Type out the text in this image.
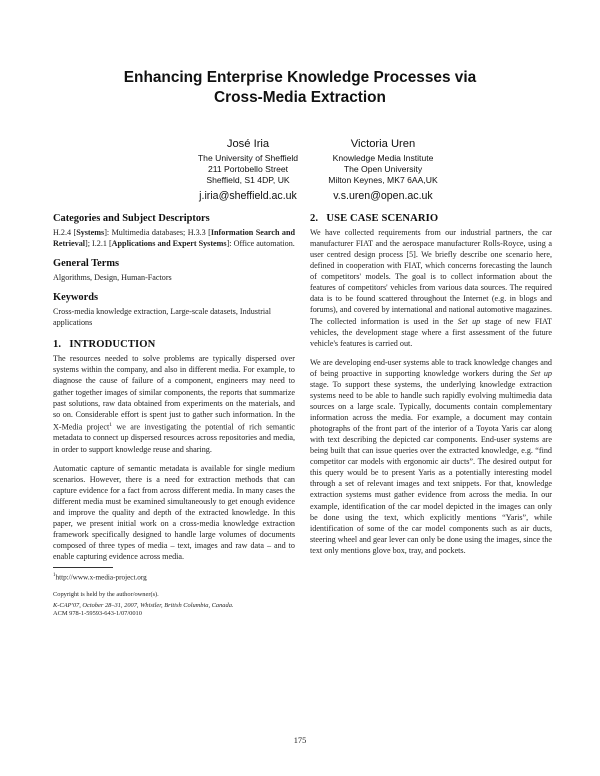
Enhancing Enterprise Knowledge Processes via
Cross-Media Extraction
José Iria
The University of Sheffield
211 Portobello Street
Sheffield, S1 4DP, UK
j.iria@sheffield.ac.uk
Victoria Uren
Knowledge Media Institute
The Open University
Milton Keynes, MK7 6AA,UK
v.s.uren@open.ac.uk
Categories and Subject Descriptors

H.2.4 [Systems]: Multimedia databases; H.3.3 [Information Search and Retrieval]; I.2.1 [Applications and Expert Systems]: Office automation.

General Terms

Algorithms, Design, Human-Factors

Keywords

Cross-media knowledge extraction, Large-scale datasets, Industrial applications

1.   INTRODUCTION

The resources needed to solve problems are typically dispersed over systems within the company, and also in different media. For example, to diagnose the cause of failure of a component, engineers may need to gather together images of similar components, the reports that summarize past solutions, raw data obtained from experiments on the materials, and so on. Considerable effort is spent just to gather such information. In the X-Media project$^1$ we are investigating the potential of rich semantic metadata to connect up dispersed resources across repositories and media, in order to support knowledge reuse and sharing.

Automatic capture of semantic metadata is available for single medium scenarios. However, there is a need for extraction methods that can capture evidence for a fact from across different media. In many cases the different media must be examined simultaneously to get enough evidence and improve the quality and depth of the extracted knowledge. In this paper, we present initial work on a cross-media knowledge extraction framework specifically designed to handle large volumes of documents composed of three types of media – text, images and raw data – and to enable capturing evidence across media.

$^1$http://www.x-media-project.org
Copyright is held by the author/owner(s).
K-CAP'07, October 28–31, 2007, Whistler, British Columbia, Canada.
ACM 978-1-59593-643-1/07/0010
2.   USE CASE SCENARIO

We have collected requirements from our industrial partners, the car manufacturer FIAT and the aerospace manufacturer Rolls-Royce, using a user centred design process [5]. We briefly describe one scenario here, defined in cooperation with FIAT, which concerns forecasting the launch of competitors' models. The goal is to collect information about the features of competitors' vehicles from various data sources. The required data is to be found scattered throughout the Internet (e.g. in blogs and forums), and covered by international and national automotive magazines. The collected information is used in the Set up stage of new FIAT vehicles, the development stage where a first assessment of the future vehicle's features is carried out.

We are developing end-user systems able to track knowledge changes and of being proactive in supporting knowledge workers during the Set up stage. To support these systems, the underlying knowledge extraction systems need to be able to handle such rapidly evolving multimedia data sources on a large scale. Typically, documents contain complementary information across the media. For example, a document may contain photographs of the front part of the interior of a Toyota Yaris car along with text describing the depicted car components. End-user systems are being built that can issue queries over the extracted knowledge, e.g. “find competitor car models with ergonomic air ducts”. The desired output for this query would be to present Yaris as a potentially interesting model through a set of relevant images and text snippets. For that, knowledge extraction systems must gather evidence from across the media. In our example, identification of the car model depicted in the images can only be done using the text, which explicitly mentions “Yaris”, while identification of some of the car model components such as air ducts, steering wheel and gear lever can only be done using the images, since the text only mentions glove box, tray, and pockets.

175
